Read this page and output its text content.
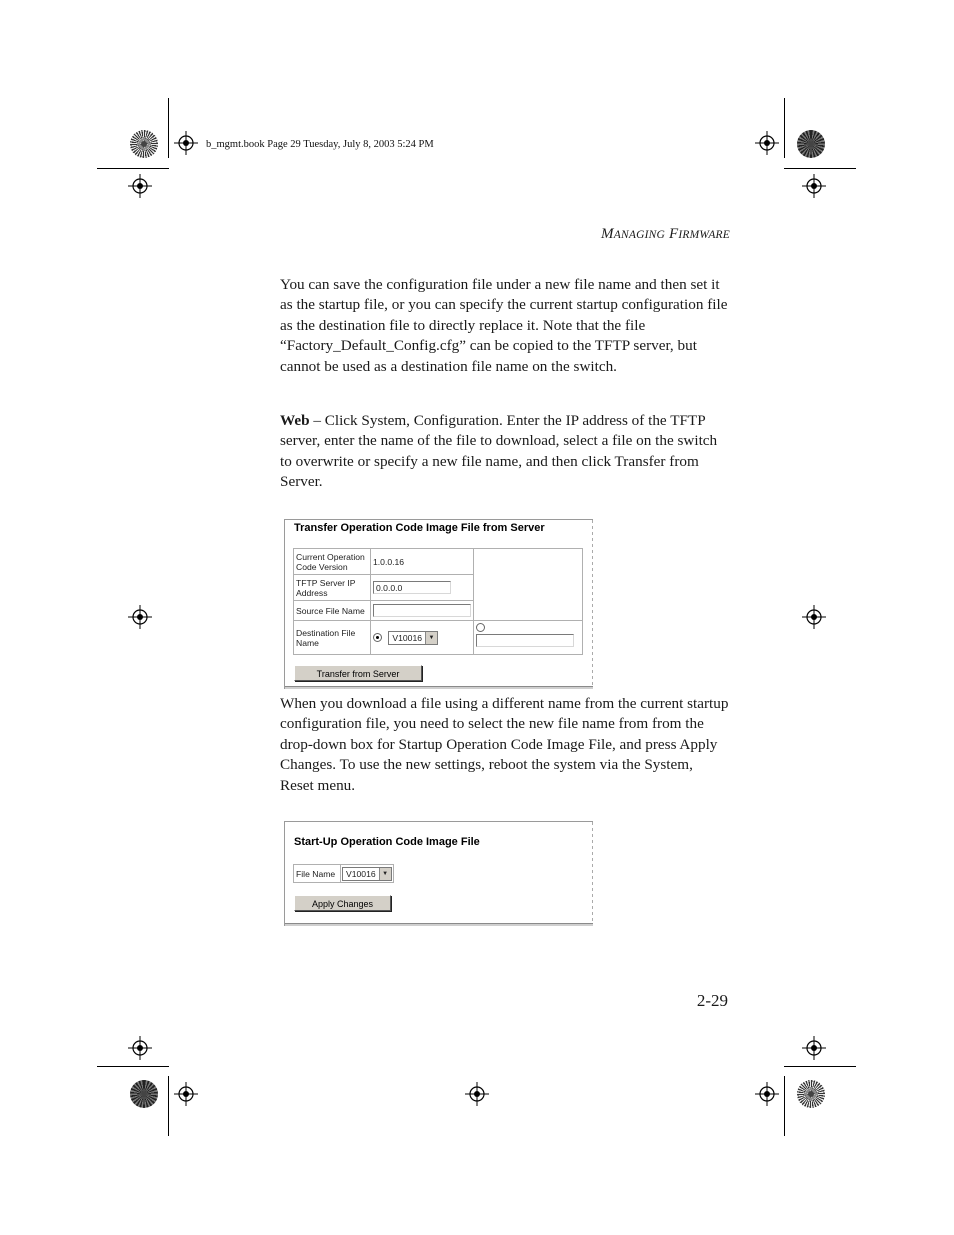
b_mgmt.book Page 29 Tuesday, July 8, 2003 5:24 PM
MANAGING FIRMWARE
You can save the configuration file under a new file name and then set it as the startup file, or you can specify the current startup configuration file as the destination file to directly replace it. Note that the file “Factory_Default_Config.cfg” can be copied to the TFTP server, but cannot be used as a destination file name on the switch.
Web – Click System, Configuration. Enter the IP address of the TFTP server, enter the name of the file to download, select a file on the switch to overwrite or specify a new file name, and then click Transfer from Server.
Transfer Operation Code Image File from Server
Current Operation Code Version	1.0.0.16	
TFTP Server IP Address	0.0.0.0	
Source File Name		
Destination File Name	V10016 ▼	

Transfer from Server
When you download a file using a different name from the current startup configuration file, you need to select the new file name from from the drop-down box for Startup Operation Code Image File, and press Apply Changes. To use the new settings, reboot the system via the System, Reset menu.
Start-Up Operation Code Image File
File Name	V10016	▼
Apply Changes
2-29
